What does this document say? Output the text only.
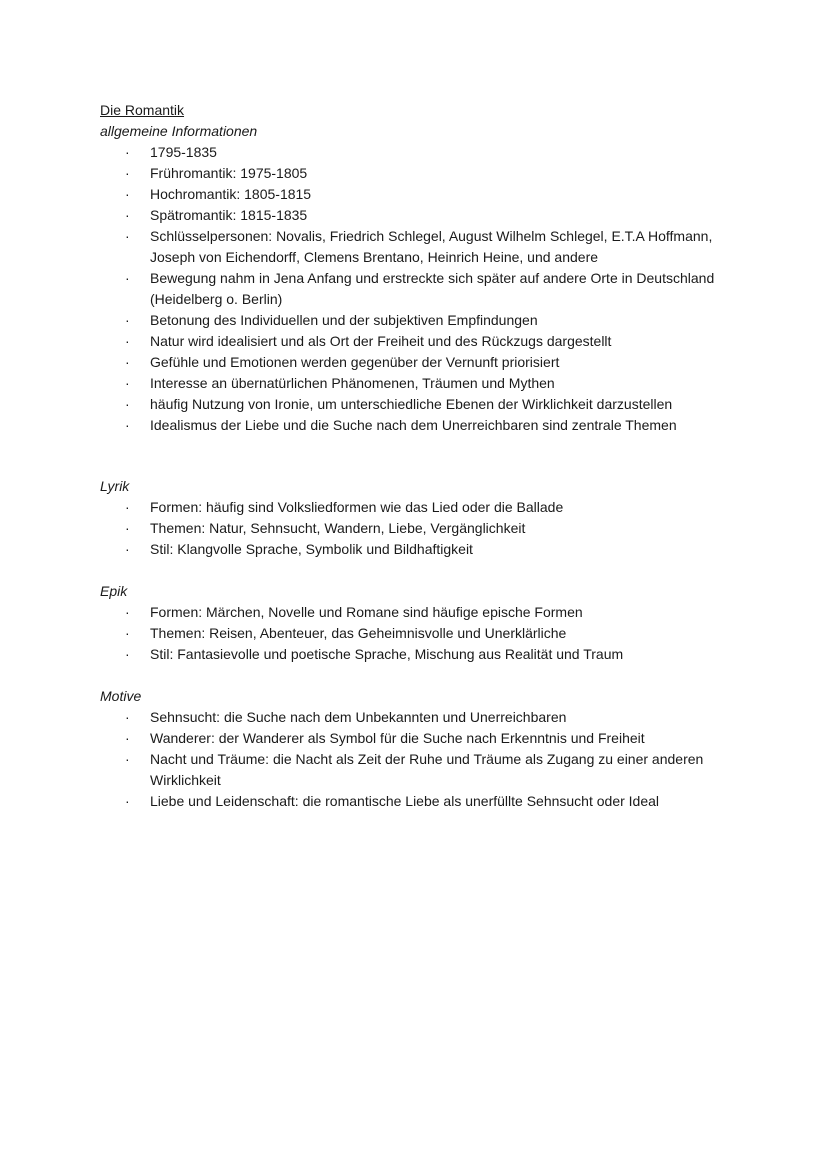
Die Romantik
allgemeine Informationen
· 1795-1835
· Frühromantik: 1975-1805
· Hochromantik: 1805-1815
· Spätromantik: 1815-1835
· Schlüsselpersonen: Novalis, Friedrich Schlegel, August Wilhelm Schlegel, E.T.A Hoffmann, Joseph von Eichendorff, Clemens Brentano, Heinrich Heine, und andere
· Bewegung nahm in Jena Anfang und erstreckte sich später auf andere Orte in Deutschland (Heidelberg o. Berlin)
· Betonung des Individuellen und der subjektiven Empfindungen
· Natur wird idealisiert und als Ort der Freiheit und des Rückzugs dargestellt
· Gefühle und Emotionen werden gegenüber der Vernunft priorisiert
· Interesse an übernatürlichen Phänomenen, Träumen und Mythen
· häufig Nutzung von Ironie, um unterschiedliche Ebenen der Wirklichkeit darzustellen
· Idealismus der Liebe und die Suche nach dem Unerreichbaren sind zentrale Themen
Lyrik
· Formen: häufig sind Volksliedformen wie das Lied oder die Ballade
· Themen: Natur, Sehnsucht, Wandern, Liebe, Vergänglichkeit
· Stil: Klangvolle Sprache, Symbolik und Bildhaftigkeit
Epik
· Formen: Märchen, Novelle und Romane sind häufige epische Formen
· Themen: Reisen, Abenteuer, das Geheimnisvolle und Unerklärliche
· Stil: Fantasievolle und poetische Sprache, Mischung aus Realität und Traum
Motive
· Sehnsucht: die Suche nach dem Unbekannten und Unerreichbaren
· Wanderer: der Wanderer als Symbol für die Suche nach Erkenntnis und Freiheit
· Nacht und Träume: die Nacht als Zeit der Ruhe und Träume als Zugang zu einer anderen Wirklichkeit
· Liebe und Leidenschaft: die romantische Liebe als unerfüllte Sehnsucht oder Ideal
